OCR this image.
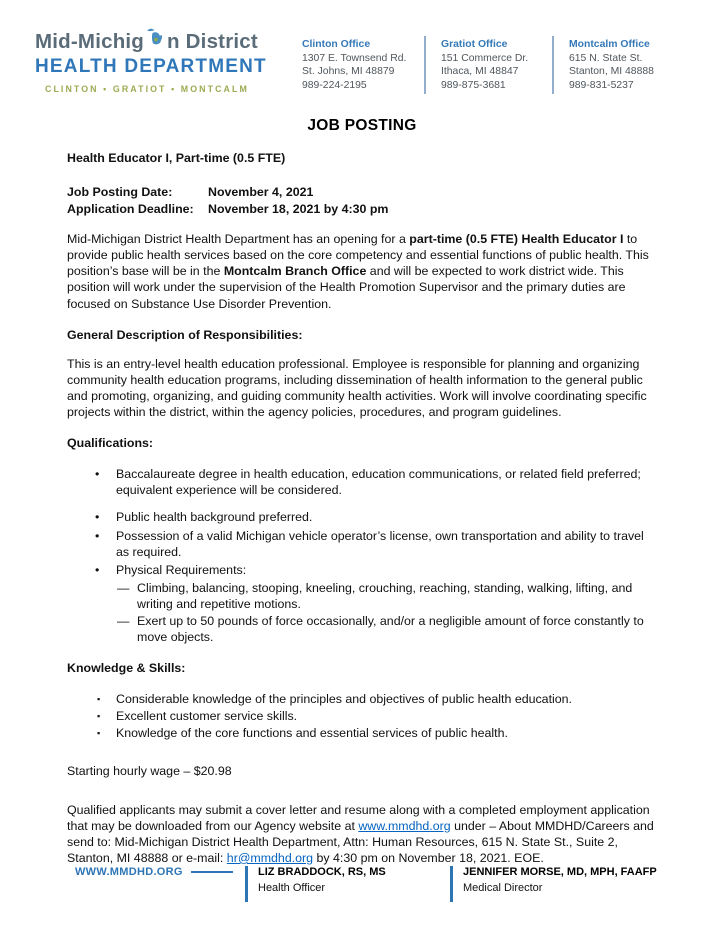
Mid-Michig n District
HEALTH DEPARTMENT
CLINTON • GRATIOT • MONTCALM
Clinton Office
1307 E. Townsend Rd.
St. Johns, MI 48879
989-224-2195
Gratiot Office
151 Commerce Dr.
Ithaca, MI 48847
989-875-3681
Montcalm Office
615 N. State St.
Stanton, MI 48888
989-831-5237
JOB POSTING

Health Educator I, Part-time (0.5 FTE)

Job Posting Date:	November 4, 2021
Application Deadline:	November 18, 2021 by 4:30 pm

Mid-Michigan District Health Department has an opening for a part-time (0.5 FTE) Health Educator I to provide public health services based on the core competency and essential functions of public health. This position’s base will be in the Montcalm Branch Office and will be expected to work district wide. This position will work under the supervision of the Health Promotion Supervisor and the primary duties are focused on Substance Use Disorder Prevention.

General Description of Responsibilities:

This is an entry-level health education professional. Employee is responsible for planning and organizing community health education programs, including dissemination of health information to the general public and promoting, organizing, and guiding community health activities. Work will involve coordinating specific projects within the district, within the agency policies, procedures, and program guidelines.

Qualifications:
•	Baccalaureate degree in health education, education communications, or related field preferred; equivalent experience will be considered.
•	Public health background preferred.
•	Possession of a valid Michigan vehicle operator’s license, own transportation and ability to travel as required.
•	Physical Requirements:
— Climbing, balancing, stooping, kneeling, crouching, reaching, standing, walking, lifting, and writing and repetitive motions.
— Exert up to 50 pounds of force occasionally, and/or a negligible amount of force constantly to move objects.
Knowledge & Skills:
▪	Considerable knowledge of the principles and objectives of public health education.
▪	Excellent customer service skills.
▪	Knowledge of the core functions and essential services of public health.

Starting hourly wage – $20.98

Qualified applicants may submit a cover letter and resume along with a completed employment application that may be downloaded from our Agency website at www.mmdhd.org under – About MMDHD/Careers and send to: Mid-Michigan District Health Department, Attn: Human Resources, 615 N. State St., Suite 2, Stanton, MI 48888 or e-mail: hr@mmdhd.org by 4:30 pm on November 18, 2021. EOE.

WWW.MMDHD.ORG	LIZ BRADDOCK, RS, MS
Health Officer
JENNIFER MORSE, MD, MPH, FAAFP
Medical Director
